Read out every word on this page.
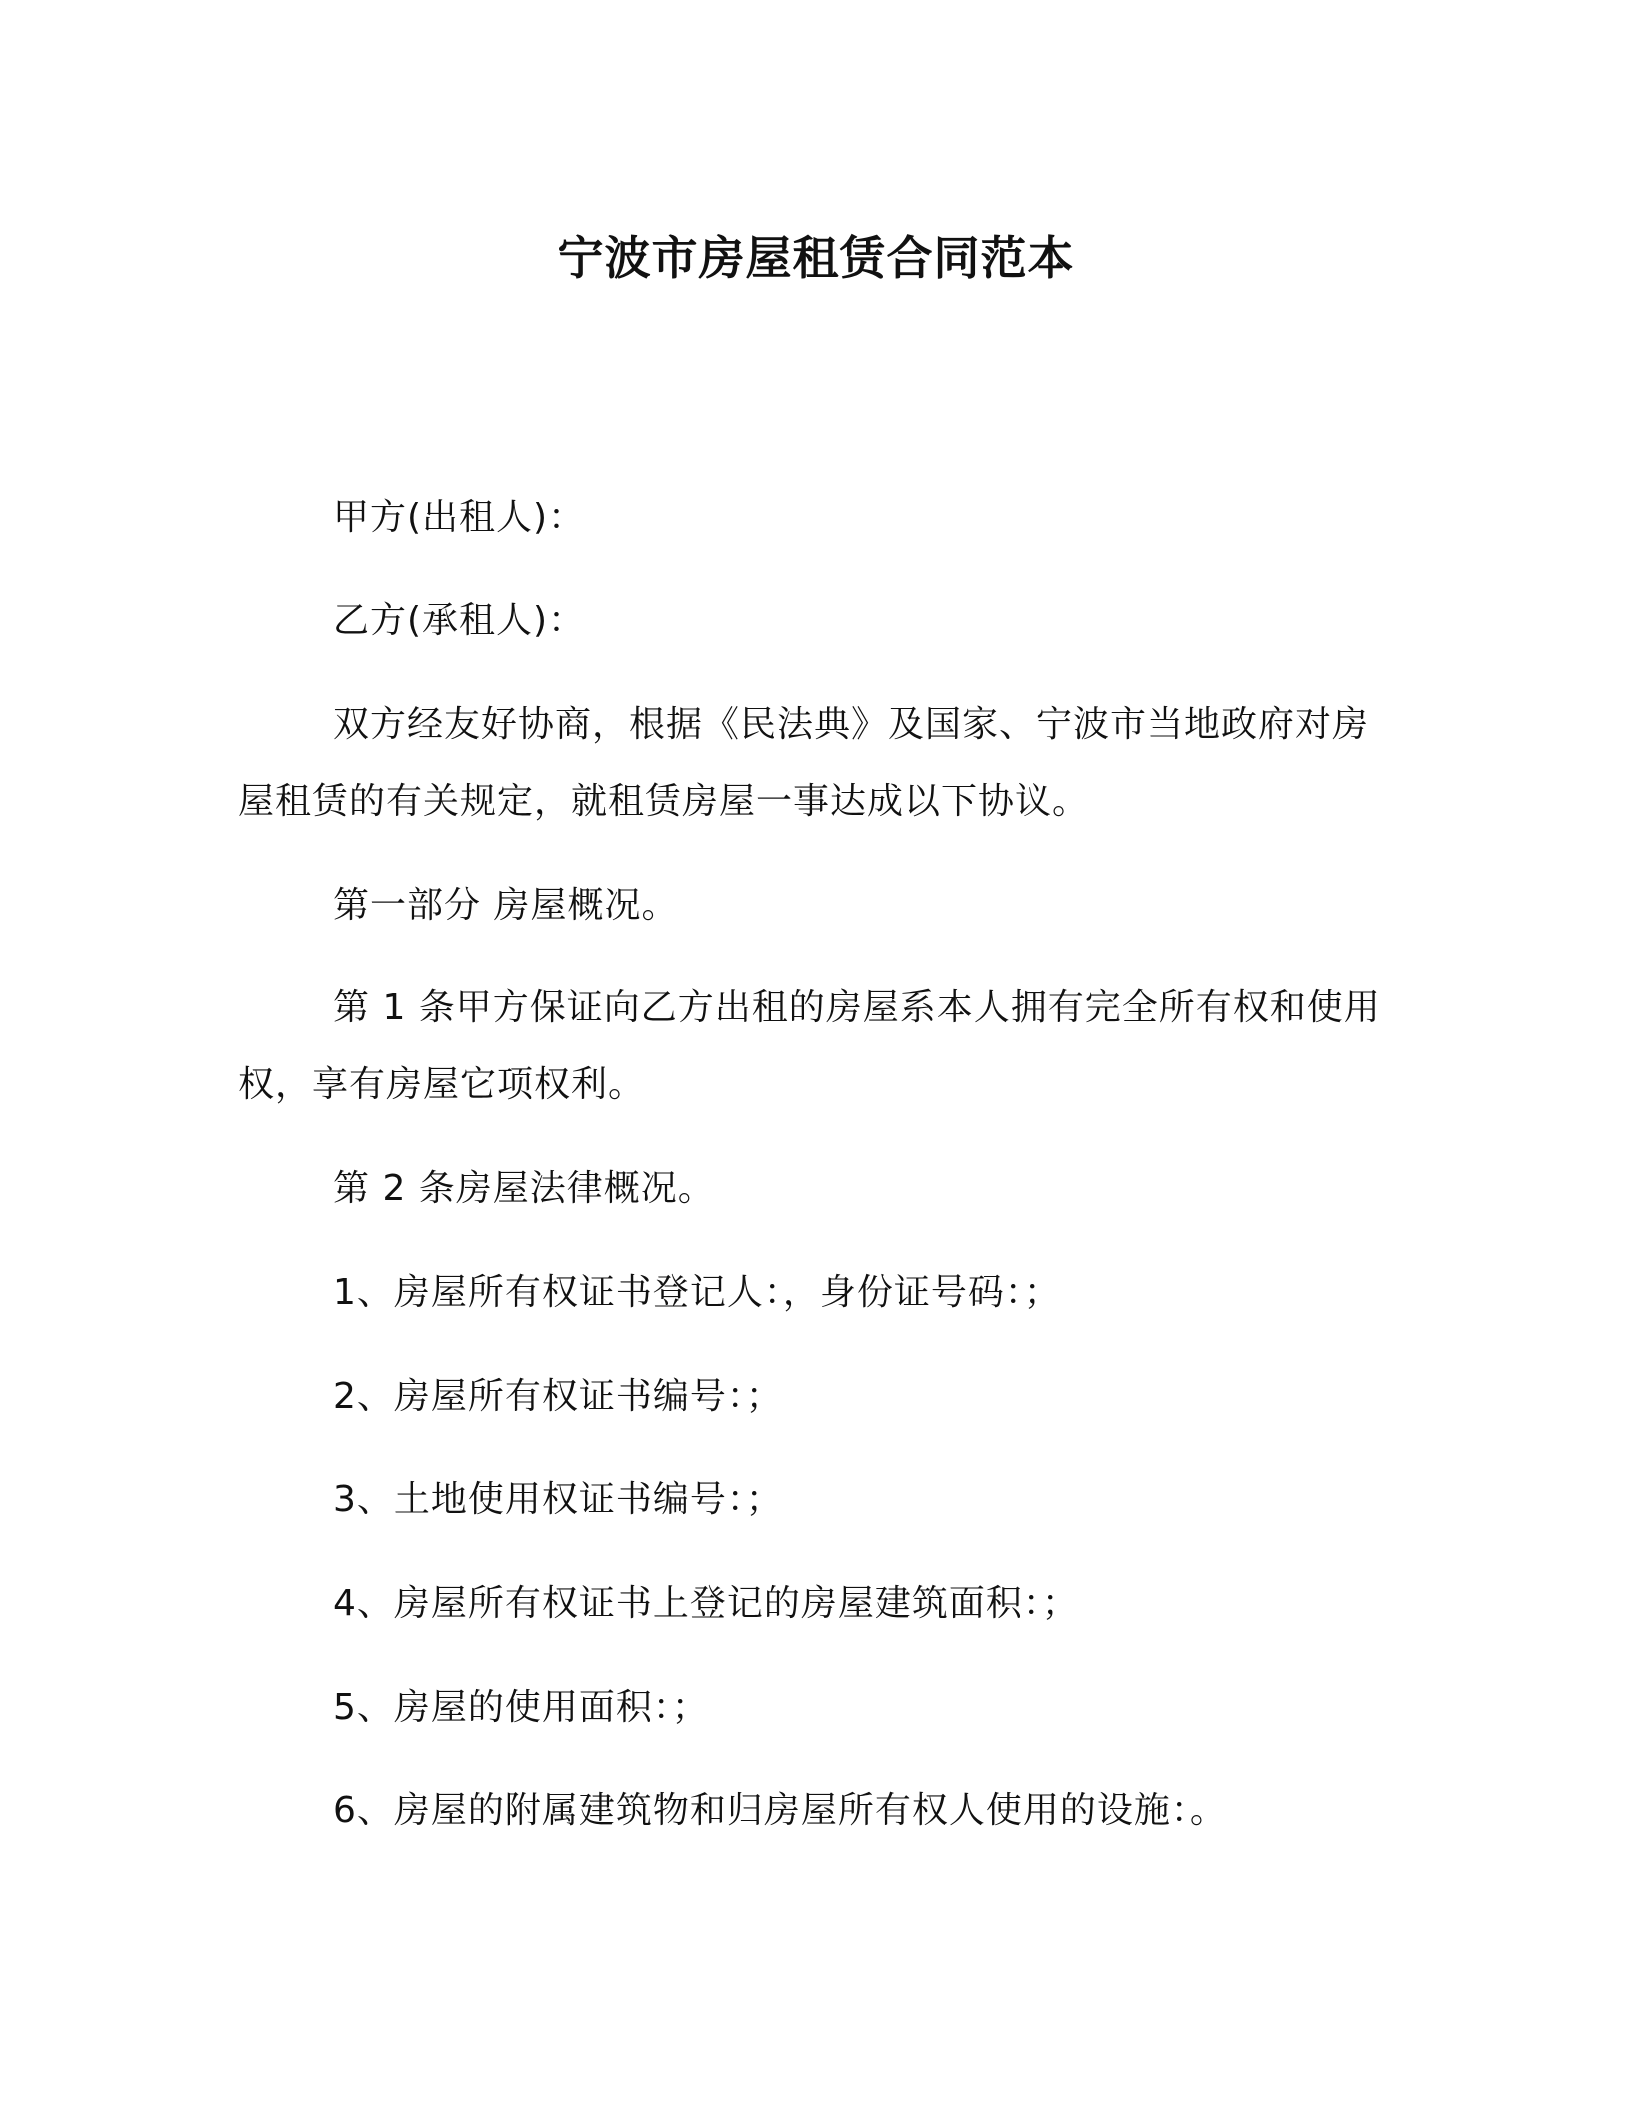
宁波市房屋租赁合同范本
甲方(出租人)：
乙方(承租人)：
双方经友好协商，根据《民法典》及国家、宁波市当地政府对房
屋租赁的有关规定，就租赁房屋一事达成以下协议。
第一部分 房屋概况。
第 1 条甲方保证向乙方出租的房屋系本人拥有完全所有权和使用
权，享有房屋它项权利。
第 2 条房屋法律概况。
1、房屋所有权证书登记人：，身份证号码：；
2、房屋所有权证书编号：；
3、土地使用权证书编号：；
4、房屋所有权证书上登记的房屋建筑面积：；
5、房屋的使用面积：；
6、房屋的附属建筑物和归房屋所有权人使用的设施：。
